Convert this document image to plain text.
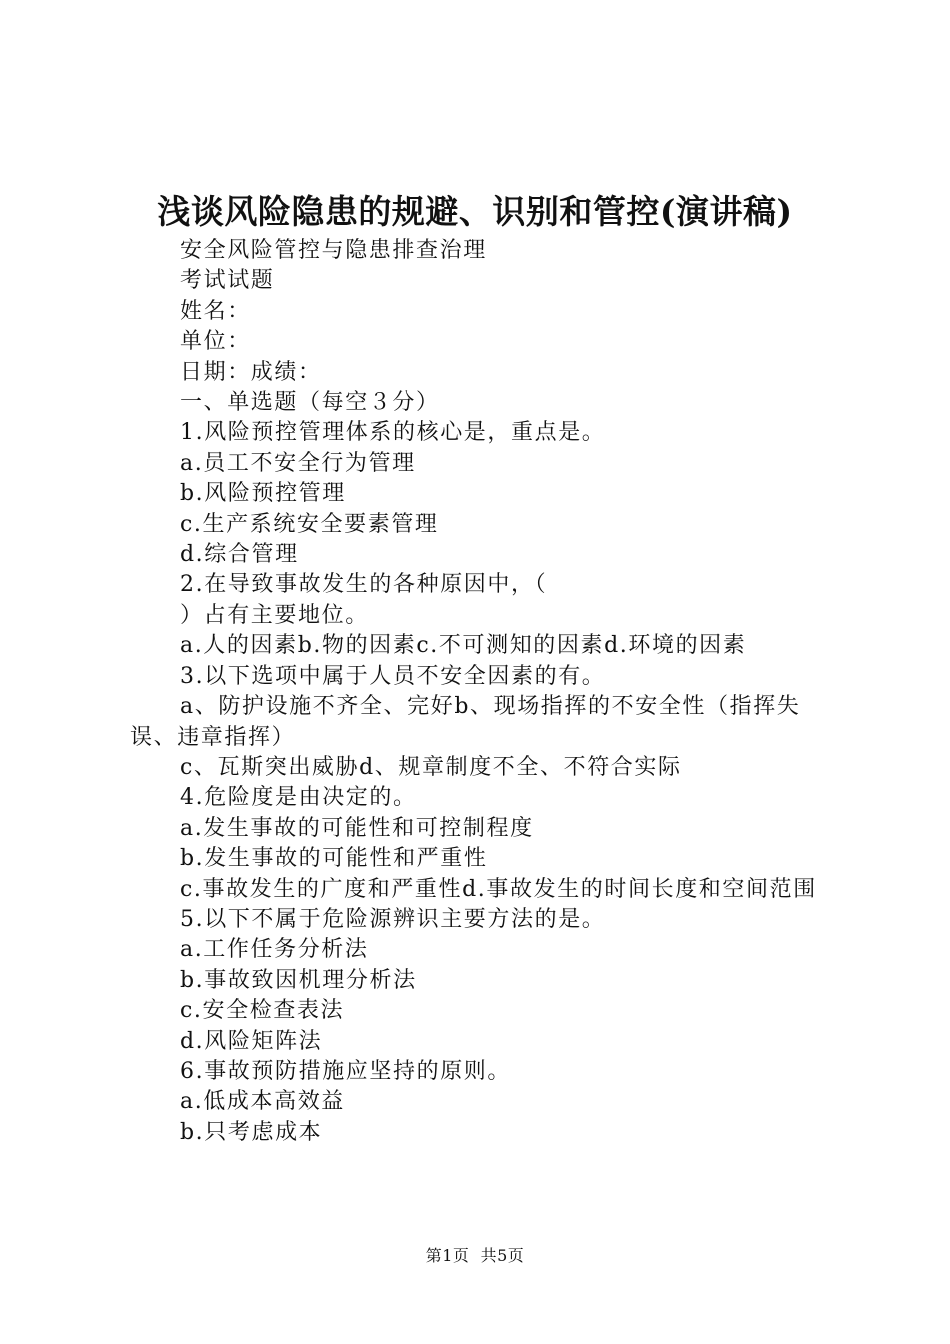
浅谈风险隐患的规避、识别和管控(演讲稿)
安全风险管控与隐患排查治理
考试试题
姓名：
单位：
日期：成绩：
一、单选题（每空３分）
1.风险预控管理体系的核心是，重点是。
a.员工不安全行为管理
b.风险预控管理
c.生产系统安全要素管理
d.综合管理
2.在导致事故发生的各种原因中，（
）占有主要地位。
a.人的因素b.物的因素c.不可测知的因素d.环境的因素
3.以下选项中属于人员不安全因素的有。
a、防护设施不齐全、完好b、现场指挥的不安全性（指挥失误、违章指挥）
c、瓦斯突出威胁d、规章制度不全、不符合实际
4.危险度是由决定的。
a.发生事故的可能性和可控制程度
b.发生事故的可能性和严重性
c.事故发生的广度和严重性d.事故发生的时间长度和空间范围
5.以下不属于危险源辨识主要方法的是。
a.工作任务分析法
b.事故致因机理分析法
c.安全检查表法
d.风险矩阵法
6.事故预防措施应坚持的原则。
a.低成本高效益
b.只考虑成本
第1页  共5页
